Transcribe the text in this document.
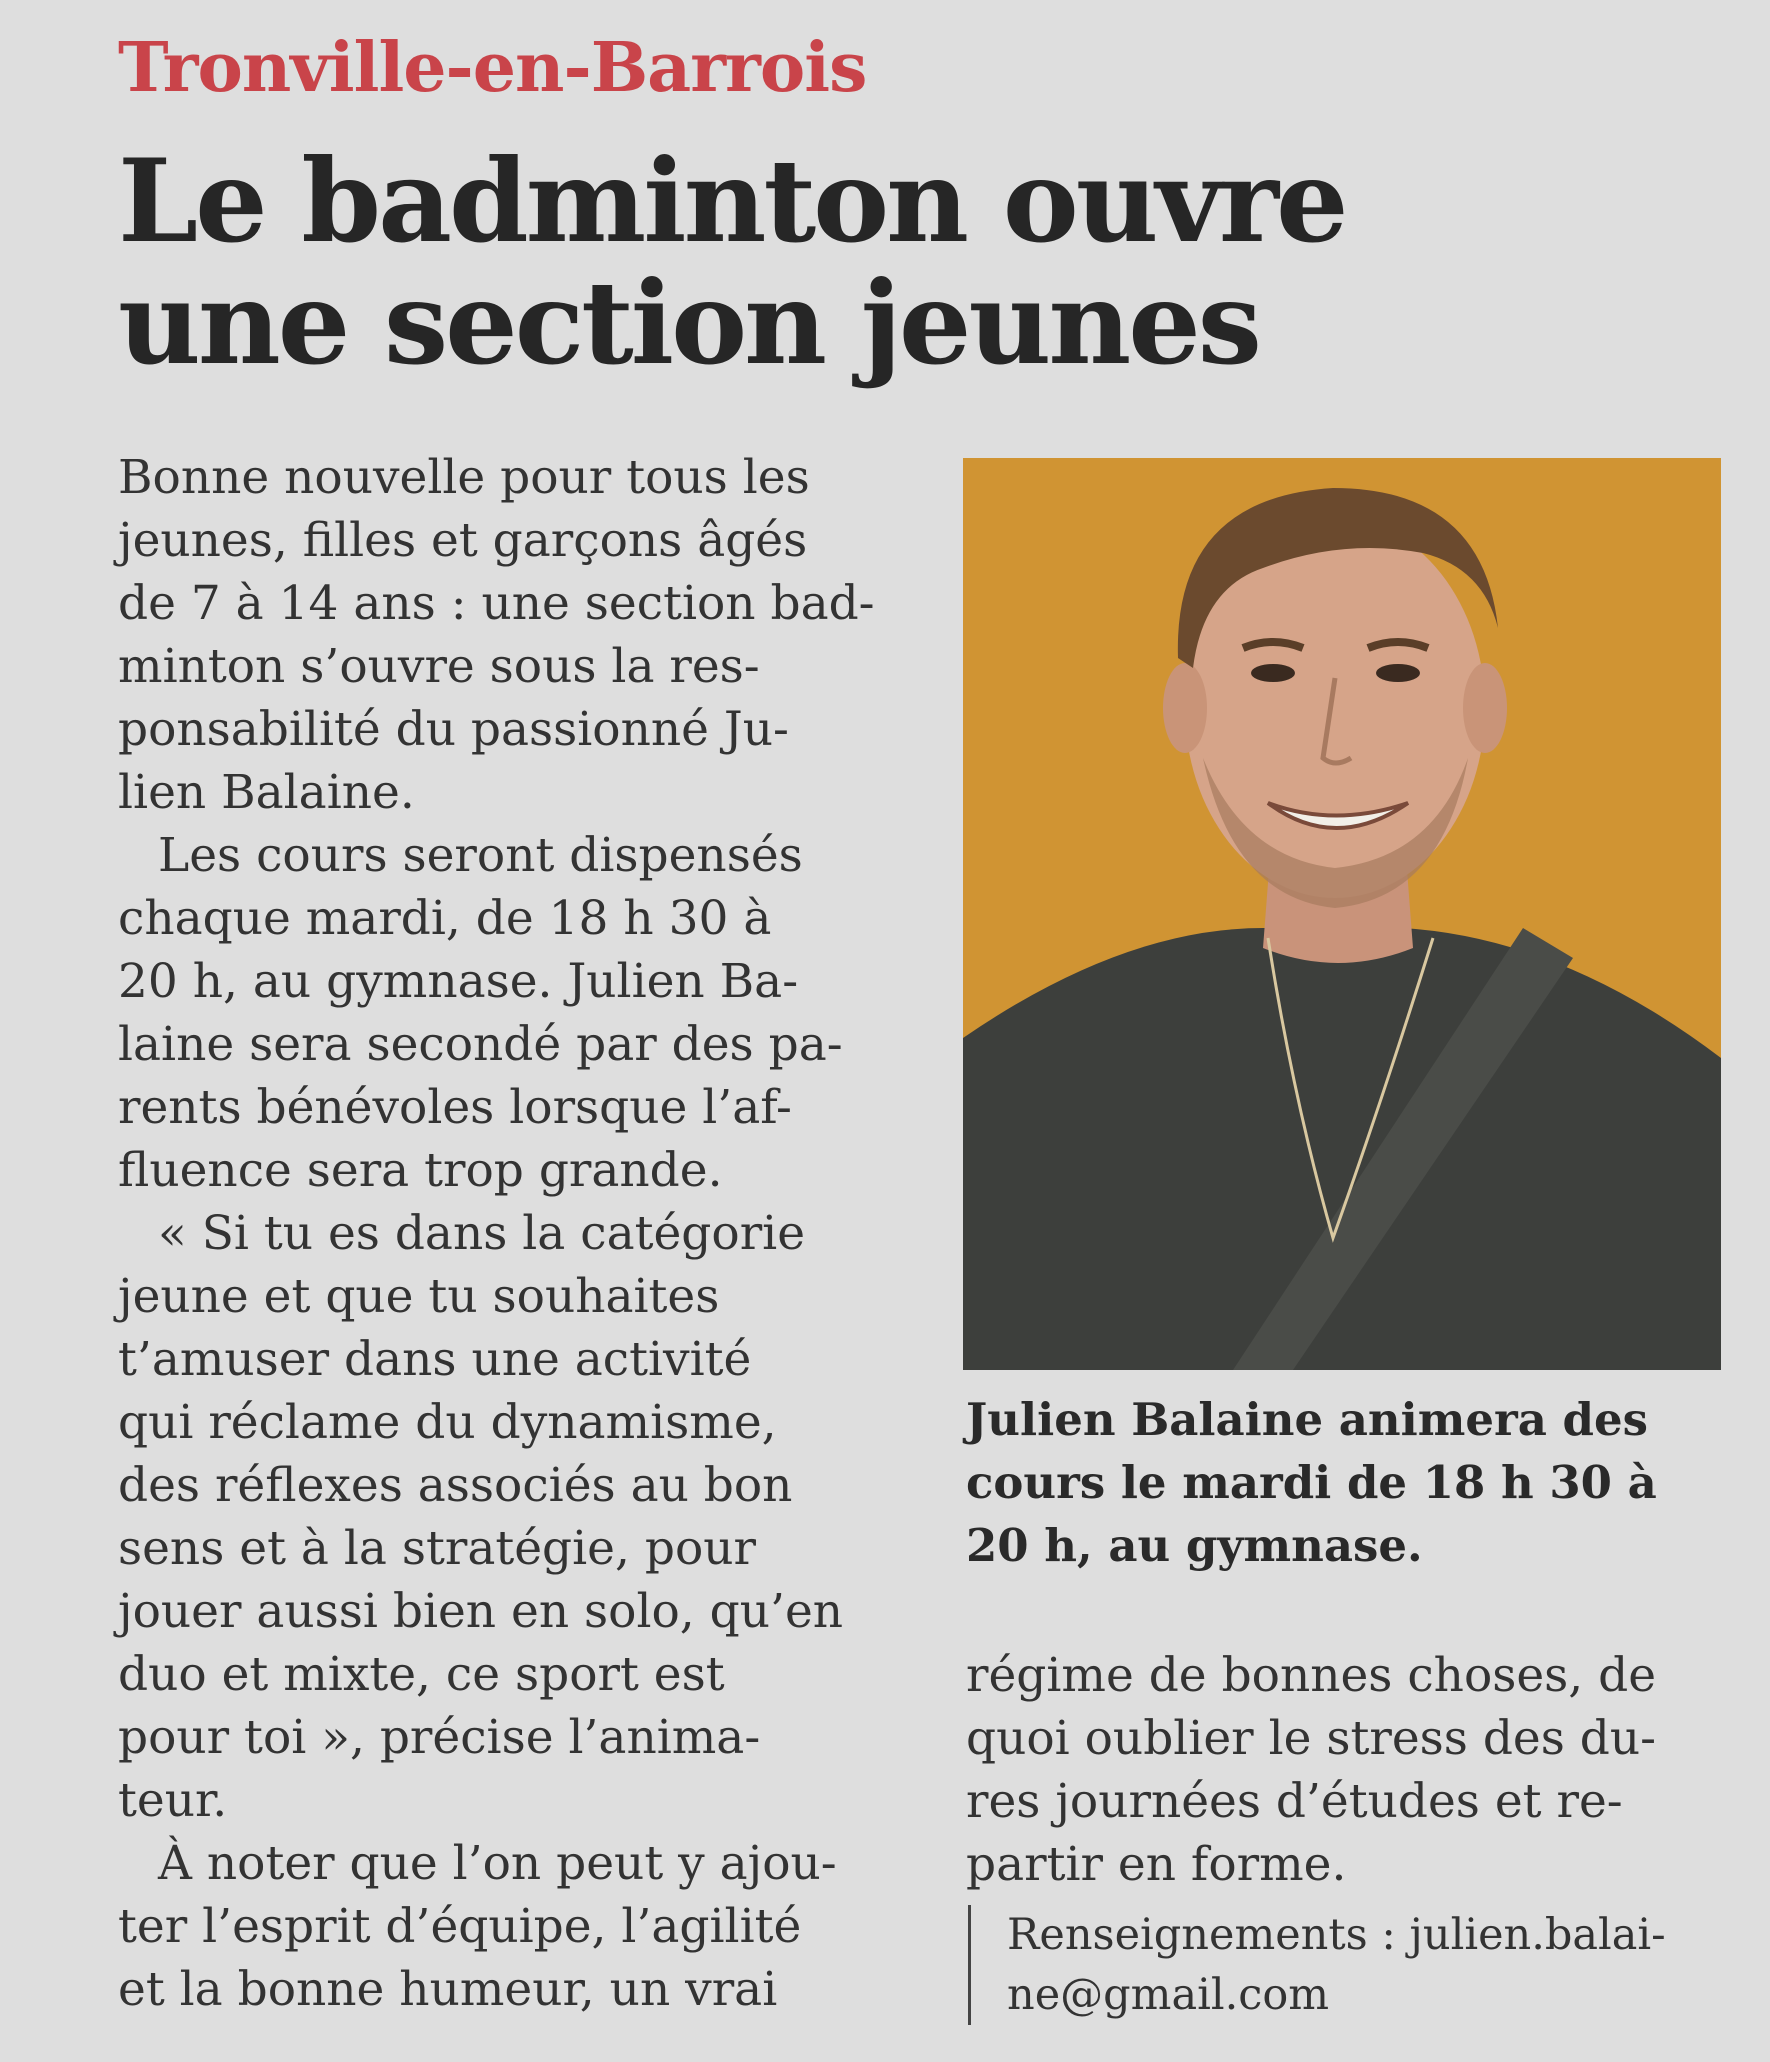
Tronville-en-Barrois
Le badminton ouvre
une section jeunes
Bonne nouvelle pour tous les
jeunes, filles et garçons âgés
de 7 à 14 ans : une section bad-
minton s’ouvre sous la res-
ponsabilité du passionné Ju-
lien Balaine.
Les cours seront dispensés
chaque mardi, de 18 h 30 à
20 h, au gymnase. Julien Ba-
laine sera secondé par des pa-
rents bénévoles lorsque l’af-
fluence sera trop grande.
« Si tu es dans la catégorie
jeune et que tu souhaites
t’amuser dans une activité
qui réclame du dynamisme,
des réflexes associés au bon
sens et à la stratégie, pour
jouer aussi bien en solo, qu’en
duo et mixte, ce sport est
pour toi », précise l’anima-
teur.
À noter que l’on peut y ajou-
ter l’esprit d’équipe, l’agilité
et la bonne humeur, un vrai
Julien Balaine animera des
cours le mardi de 18 h 30 à
20 h, au gymnase.
régime de bonnes choses, de
quoi oublier le stress des du-
res journées d’études et re-
partir en forme.
Renseignements : julien.balai-
ne@gmail.com
